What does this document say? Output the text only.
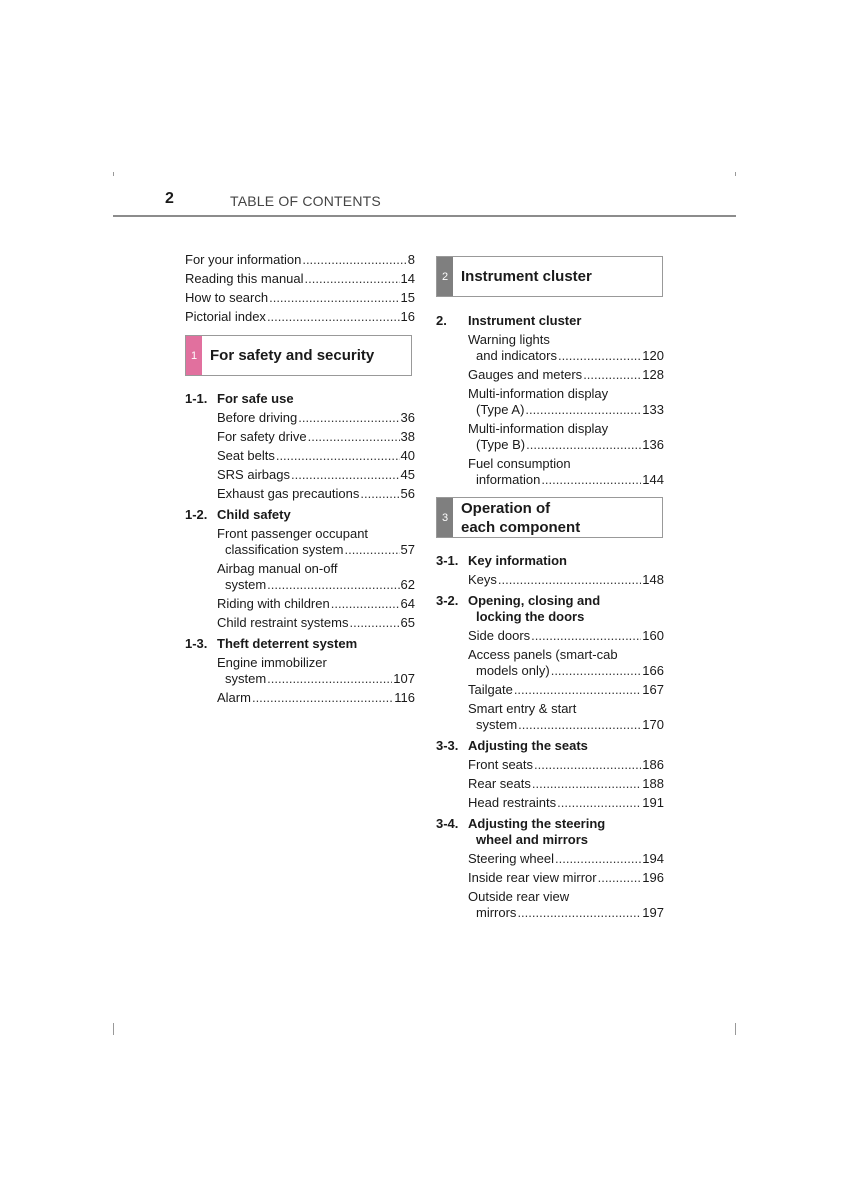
2	TABLE OF CONTENTS
For your information .....	8
Reading this manual .....	14
How to search .....	15
Pictorial index .....	16
1 For safety and security
1-1. For safe use
Before driving .....	36
For safety drive .....	38
Seat belts .....	40
SRS airbags .....	45
Exhaust gas precautions .....	56
1-2. Child safety
Front passenger occupant
classification system .....	57
Airbag manual on-off
system .....	62
Riding with children .....	64
Child restraint systems .....	65
1-3. Theft deterrent system
Engine immobilizer
system .....	107
Alarm .....	116
2 Instrument cluster
2.	Instrument cluster
Warning lights
and indicators .....	120
Gauges and meters .....	128
Multi-information display
(Type A) .....	133
Multi-information display
(Type B) .....	136
Fuel consumption
information .....	144
3
Operation of
each component
3-1. Key information
Keys .....	148
3-2. Opening, closing and
locking the doors
Side doors .....	160
Access panels (smart-cab
models only) .....	166
Tailgate .....	167
Smart entry & start
system .....	170
3-3. Adjusting the seats
Front seats .....	186
Rear seats .....	188
Head restraints .....	191
3-4. Adjusting the steering
wheel and mirrors
Steering wheel .....	194
Inside rear view mirror .....	196
Outside rear view
mirrors .....	197
